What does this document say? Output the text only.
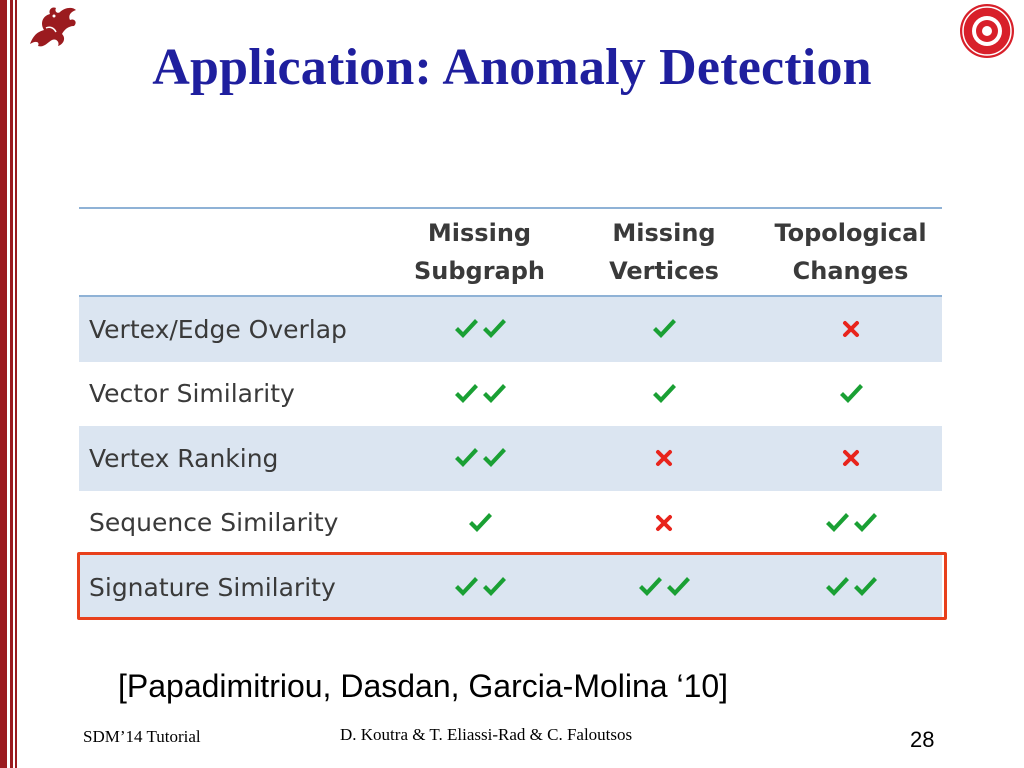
Application: Anomaly Detection
Missing
Subgraph
Missing
Vertices
Topological
Changes
Vertex/Edge Overlap
Vector Similarity
Vertex Ranking
Sequence Similarity
Signature Similarity
[Papadimitriou, Dasdan, Garcia-Molina ‘10]
SDM’14 Tutorial	D. Koutra & T. Eliassi-Rad & C. Faloutsos	28
